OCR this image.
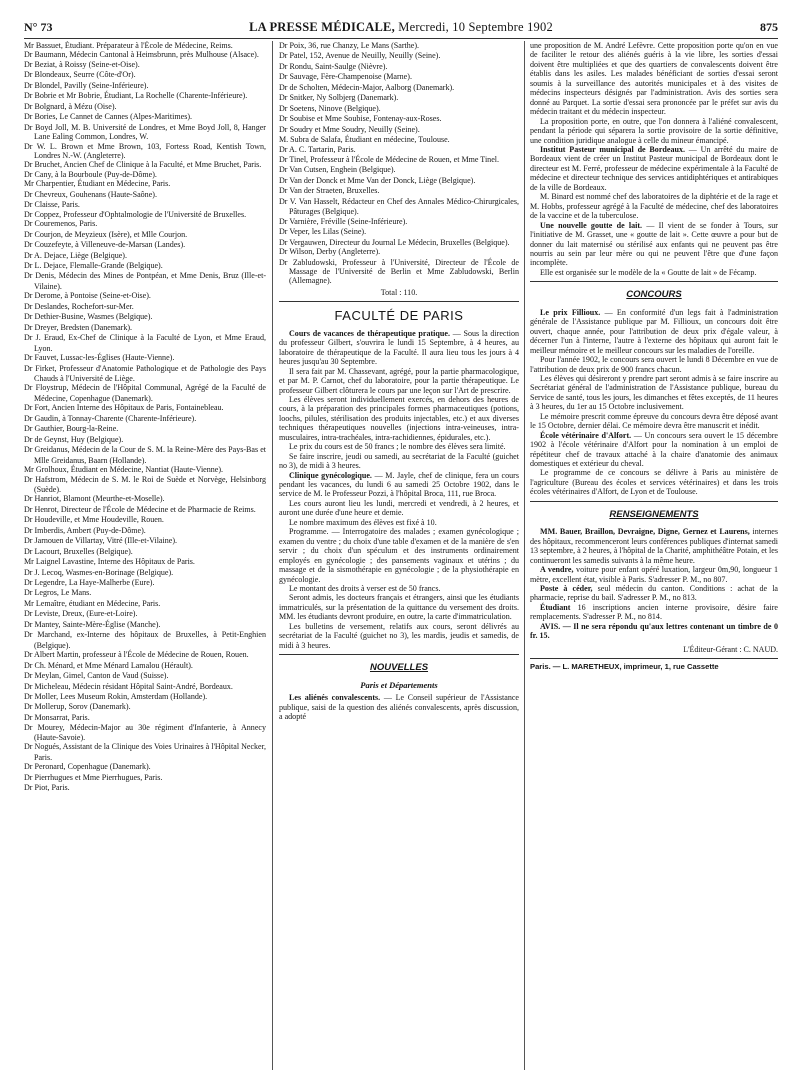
N° 73	LA PRESSE MÉDICALE, Mercredi, 10 Septembre 1902	875

Mr Bassuet, Étudiant. Préparateur à l'École de Médecine, Reims.

Dr Baumann, Médecin Cantonal à Heimsbrunn, près Mulhouse (Alsace).

Dr Beziat, à Roissy (Seine-et-Oise).

Dr Blondeaux, Seurre (Côte-d'Or).

Dr Blondel, Pavilly (Seine-Inférieure).

Dr Bobrie et Mr Bobrie, Étudiant, La Rochelle (Charente-Inférieure).

Dr Bolgnard, à Mézu (Oise).

Dr Bories, Le Cannet de Cannes (Alpes-Maritimes).

Dr Boyd Joll, M. B. Université de Londres, et Mme Boyd Joll, 8, Hanger Lane Ealing Common, Londres, W.

Dr W. L. Brown et Mme Brown, 103, Fortess Road, Kentish Town, Londres N.-W. (Angleterre).

Dr Bruchet, Ancien Chef de Clinique à la Faculté, et Mme Bruchet, Paris.

Dr Cany, à la Bourboule (Puy-de-Dôme).

Mr Charpentier, Étudiant en Médecine, Paris.

Dr Chevreux, Gouhenans (Haute-Saône).

Dr Claisse, Paris.

Dr Coppez, Professeur d'Ophtalmologie de l'Université de Bruxelles.

Dr Couremenos, Paris.

Dr Courjon, de Meyzieux (Isère), et Mlle Courjon.

Dr Couzefeyte, à Villeneuve-de-Marsan (Landes).

Dr A. Dejace, Liège (Belgique).

Dr L. Dejace, Flemalle-Grande (Belgique).

Dr Denis, Médecin des Mines de Pontpéan, et Mme Denis, Bruz (Ille-et-Vilaine).

Dr Derome, à Pontoise (Seine-et-Oise).

Dr Deslandes, Rochefort-sur-Mer.

Dr Dethier-Busine, Wasmes (Belgique).

Dr Dreyer, Bredsten (Danemark).

Dr J. Eraud, Ex-Chef de Clinique à la Faculté de Lyon, et Mme Eraud, Lyon.

Dr Fauvet, Lussac-les-Églises (Haute-Vienne).

Dr Firket, Professeur d'Anatomie Pathologique et de Pathologie des Pays Chauds à l'Université de Liège.

Dr Floystrup, Médecin de l'Hôpital Communal, Agrégé de la Faculté de Médecine, Copenhague (Danemark).

Dr Fort, Ancien Interne des Hôpitaux de Paris, Fontainebleau.

Dr Gaudin, à Tonnay-Charente (Charente-Inférieure).

Dr Gauthier, Bourg-la-Reine.

Dr de Geynst, Huy (Belgique).

Dr Greidanus, Médecin de la Cour de S. M. la Reine-Mère des Pays-Bas et Mlle Greidanus, Baarn (Hollande).

Mr Grolhoux, Étudiant en Médecine, Nantiat (Haute-Vienne).

Dr Hafstrom, Médecin de S. M. le Roi de Suède et Norvège, Helsinborg (Suède).

Dr Hanriot, Blamont (Meurthe-et-Moselle).

Dr Henrot, Directeur de l'École de Médecine et de Pharmacie de Reims.

Dr Houdeville, et Mme Houdeville, Rouen.

Dr Imberdis, Ambert (Puy-de-Dôme).

Dr Jarnouen de Villartay, Vitré (Ille-et-Vilaine).

Dr Lacourt, Bruxelles (Belgique).

Mr Laignel Lavastine, Interne des Hôpitaux de Paris.

Dr J. Lecoq, Wasmes-en-Borinage (Belgique).

Dr Legendre, La Haye-Malherbe (Eure).

Dr Legros, Le Mans.

Mr Lemaître, étudiant en Médecine, Paris.

Dr Leviste, Dreux, (Eure-et-Loire).

Dr Mantey, Sainte-Mère-Église (Manche).

Dr Marchand, ex-Interne des hôpitaux de Bruxelles, à Petit-Enghien (Belgique).

Dr Albert Martin, professeur à l'École de Médecine de Rouen, Rouen.

Dr Ch. Ménard, et Mme Ménard Lamalou (Hérault).

Dr Meylan, Gimel, Canton de Vaud (Suisse).

Dr Micheleau, Médecin résidant Hôpital Saint-André, Bordeaux.

Dr Moller, Lees Museum Rokin, Amsterdam (Hollande).

Dr Mollerup, Sorov (Danemark).

Dr Monsarrat, Paris.

Dr Mourey, Médecin-Major au 30e régiment d'Infanterie, à Annecy (Haute-Savoie).

Dr Nogués, Assistant de la Clinique des Voies Urinaires à l'Hôpital Necker, Paris.

Dr Peronard, Copenhague (Danemark).

Dr Pierrhugues et Mme Pierrhugues, Paris.

Dr Piot, Paris.

Dr Poix, 36, rue Chanzy, Le Mans (Sarthe).

Dr Patel, 152, Avenue de Neuilly, Neuilly (Seine).

Dr Rondu, Saint-Saulge (Nièvre).

Dr Sauvage, Fère-Champenoise (Marne).

Dr de Scholten, Médecin-Major, Aalborg (Danemark).

Dr Snitker, Ny Solbjerg (Danemark).

Dr Soetens, Ninove (Belgique).

Dr Soubise et Mme Soubise, Fontenay-aux-Roses.

Dr Soudry et Mme Soudry, Neuilly (Seine).

M. Subra de Salafa, Étudiant en médecine, Toulouse.

Dr A. C. Tartarin, Paris.

Dr Tinel, Professeur à l'École de Médecine de Rouen, et Mme Tinel.

Dr Van Cutsen, Enghein (Belgique).

Dr Van der Donck et Mme Van der Donck, Liège (Belgique).

Dr Van der Straeten, Bruxelles.

Dr V. Van Hasselt, Rédacteur en Chef des Annales Médico-Chirurgicales, Pâturages (Belgique).

Dr Varnière, Fréville (Seine-Inférieure).

Dr Veper, les Lilas (Seine).

Dr Vergauwen, Directeur du Journal Le Médecin, Bruxelles (Belgique).

Dr Wilson, Derby (Angleterre).

Dr Zabludowski, Professeur à l'Université, Directeur de l'École de Massage de l'Université de Berlin et Mme Zabludowski, Berlin (Allemagne).

Total : 110.
FACULTÉ DE PARIS

Cours de vacances de thérapeutique pratique. — Sous la direction du professeur Gilbert, s'ouvrira le lundi 15 Septembre, à 4 heures, au laboratoire de thérapeutique de la Faculté. Il aura lieu tous les jours à 4 heures jusqu'au 30 Septembre.

Il sera fait par M. Chassevant, agrégé, pour la partie pharmacologique, et par M. P. Carnot, chef du laboratoire, pour la partie thérapeutique. Le professeur Gilbert clôturera le cours par une leçon sur l'Art de prescrire.

Les élèves seront individuellement exercés, en dehors des heures de cours, à la préparation des principales formes pharmaceutiques (potions, loochs, pilules, stérilisation des produits injectables, etc.) et aux diverses techniques thérapeutiques nouvelles (injections intra-veineuses, intra-musculaires, intra-trachéales, intra-rachidiennes, épidurales, etc.).

Le prix du cours est de 50 francs ; le nombre des élèves sera limité.

Se faire inscrire, jeudi ou samedi, au secrétariat de la Faculté (guichet no 3), de midi à 3 heures.

Clinique gynécologique. — M. Jayle, chef de clinique, fera un cours pendant les vacances, du lundi 6 au samedi 25 Octobre 1902, dans le service de M. le Professeur Pozzi, à l'hôpital Broca, 111, rue Broca.

Les cours auront lieu les lundi, mercredi et vendredi, à 2 heures, et auront une durée d'une heure et demie.

Le nombre maximum des élèves est fixé à 10.

Programme. — Interrogatoire des malades ; examen gynécologique ; examen du ventre ; du choix d'une table d'examen et de la manière de s'en servir ; du choix d'un spéculum et des instruments ordinairement employés en gynécologie ; des pansements vaginaux et utérins ; du massage et de la sismothérapie en gynécologie ; de la physiothérapie en gynécologie.

Le montant des droits à verser est de 50 francs.

Seront admis, les docteurs français et étrangers, ainsi que les étudiants immatriculés, sur la présentation de la quittance du versement des droits. MM. les étudiants devront produire, en outre, la carte d'immatriculation.

Les bulletins de versement, relatifs aux cours, seront délivrés au secrétariat de la Faculté (guichet no 3), les mardis, jeudis et samedis, de midi à 3 heures.

NOUVELLES
Paris et Départements

Les aliénés convalescents. — Le Conseil supérieur de l'Assistance publique, saisi de la question des aliénés convalescents, après discussion, a adopté

une proposition de M. André Lefèvre. Cette proposition porte qu'on en vue de faciliter le retour des aliénés guéris à la vie libre, les sorties d'essai doivent être multipliées et que des quartiers de convalescents doivent être établis dans les asiles. Les malades bénéficiant de sorties d'essai seront soumis à la surveillance des autorités municipales et à des visites de médecins inspecteurs désignés par l'administration. Avis des sorties sera donné au Parquet. La sortie d'essai sera prononcée par le préfet sur avis du médecin traitant et du médecin inspecteur.

La proposition porte, en outre, que l'on donnera à l'aliéné convalescent, pendant la période qui séparera la sortie provisoire de la sortie définitive, une condition juridique analogue à celle du mineur émancipé.

Institut Pasteur municipal de Bordeaux. — Un arrêté du maire de Bordeaux vient de créer un Institut Pasteur municipal de Bordeaux dont le directeur est M. Ferré, professeur de médecine expérimentale à la Faculté de médecine et directeur technique des services antidiphtériques et antirabiques de la ville de Bordeaux.

M. Binard est nommé chef des laboratoires de la diphtérie et de la rage et M. Hobbs, professeur agrégé à la Faculté de médecine, chef des laboratoires de la vaccine et de la tuberculose.

Une nouvelle goutte de lait. — Il vient de se fonder à Tours, sur l'initiative de M. Grasset, une « goutte de lait ». Cette œuvre a pour but de donner du lait maternisé ou stérilisé aux enfants qui ne peuvent pas être nourris au sein par leur mère ou qui ne peuvent l'être que d'une façon incomplète.

Elle est organisée sur le modèle de la « Goutte de lait » de Fécamp.

CONCOURS

Le prix Fillioux. — En conformité d'un legs fait à l'administration générale de l'Assistance publique par M. Fillioux, un concours doit être ouvert, chaque année, pour l'attribution de deux prix d'égale valeur, à décerner l'un à l'interne, l'autre à l'externe des hôpitaux qui auront fait le meilleur mémoire et le meilleur concours sur les maladies de l'oreille.

Pour l'année 1902, le concours sera ouvert le lundi 8 Décembre en vue de l'attribution de deux prix de 900 francs chacun.

Les élèves qui désireront y prendre part seront admis à se faire inscrire au Secrétariat général de l'administration de l'Assistance publique, bureau du Service de santé, tous les jours, les dimanches et fêtes exceptés, de 11 heures à 3 heures, du 1er au 15 Octobre inclusivement.

Le mémoire prescrit comme épreuve du concours devra être déposé avant le 15 Octobre, dernier délai. Ce mémoire devra être manuscrit et inédit.

École vétérinaire d'Alfort. — Un concours sera ouvert le 15 décembre 1902 à l'école vétérinaire d'Alfort pour la nomination à un emploi de répétiteur chef de travaux attaché à la chaire d'anatomie des animaux domestiques et extérieur du cheval.

Le programme de ce concours se délivre à Paris au ministère de l'agriculture (Bureau des écoles et services vétérinaires) et dans les trois écoles vétérinaires d'Alfort, de Lyon et de Toulouse.

RENSEIGNEMENTS

MM. Bauer, Braillon, Devraigne, Digne, Gernez et Laurens, internes des hôpitaux, recommenceront leurs conférences publiques d'internat samedi 13 septembre, à 2 heures, à l'hôpital de la Charité, amphithéâtre Potain, et les continueront les samedis suivants à la même heure.

A vendre, voiture pour enfant opéré luxation, largeur 0m,90, longueur 1 mètre, excellent état, visible à Paris. S'adresser P. M., no 807.

Poste à céder, seul médecin du canton. Conditions : achat de la pharmacie, reprise du bail. S'adresser P. M., no 813.

Étudiant 16 inscriptions ancien interne provisoire, désire faire remplacements. S'adresser P. M., no 814.

AVIS. — Il ne sera répondu qu'aux lettres contenant un timbre de 0 fr. 15.

L'Éditeur-Gérant : C. NAUD.
Paris. — L. MARETHEUX, imprimeur, 1, rue Cassette
